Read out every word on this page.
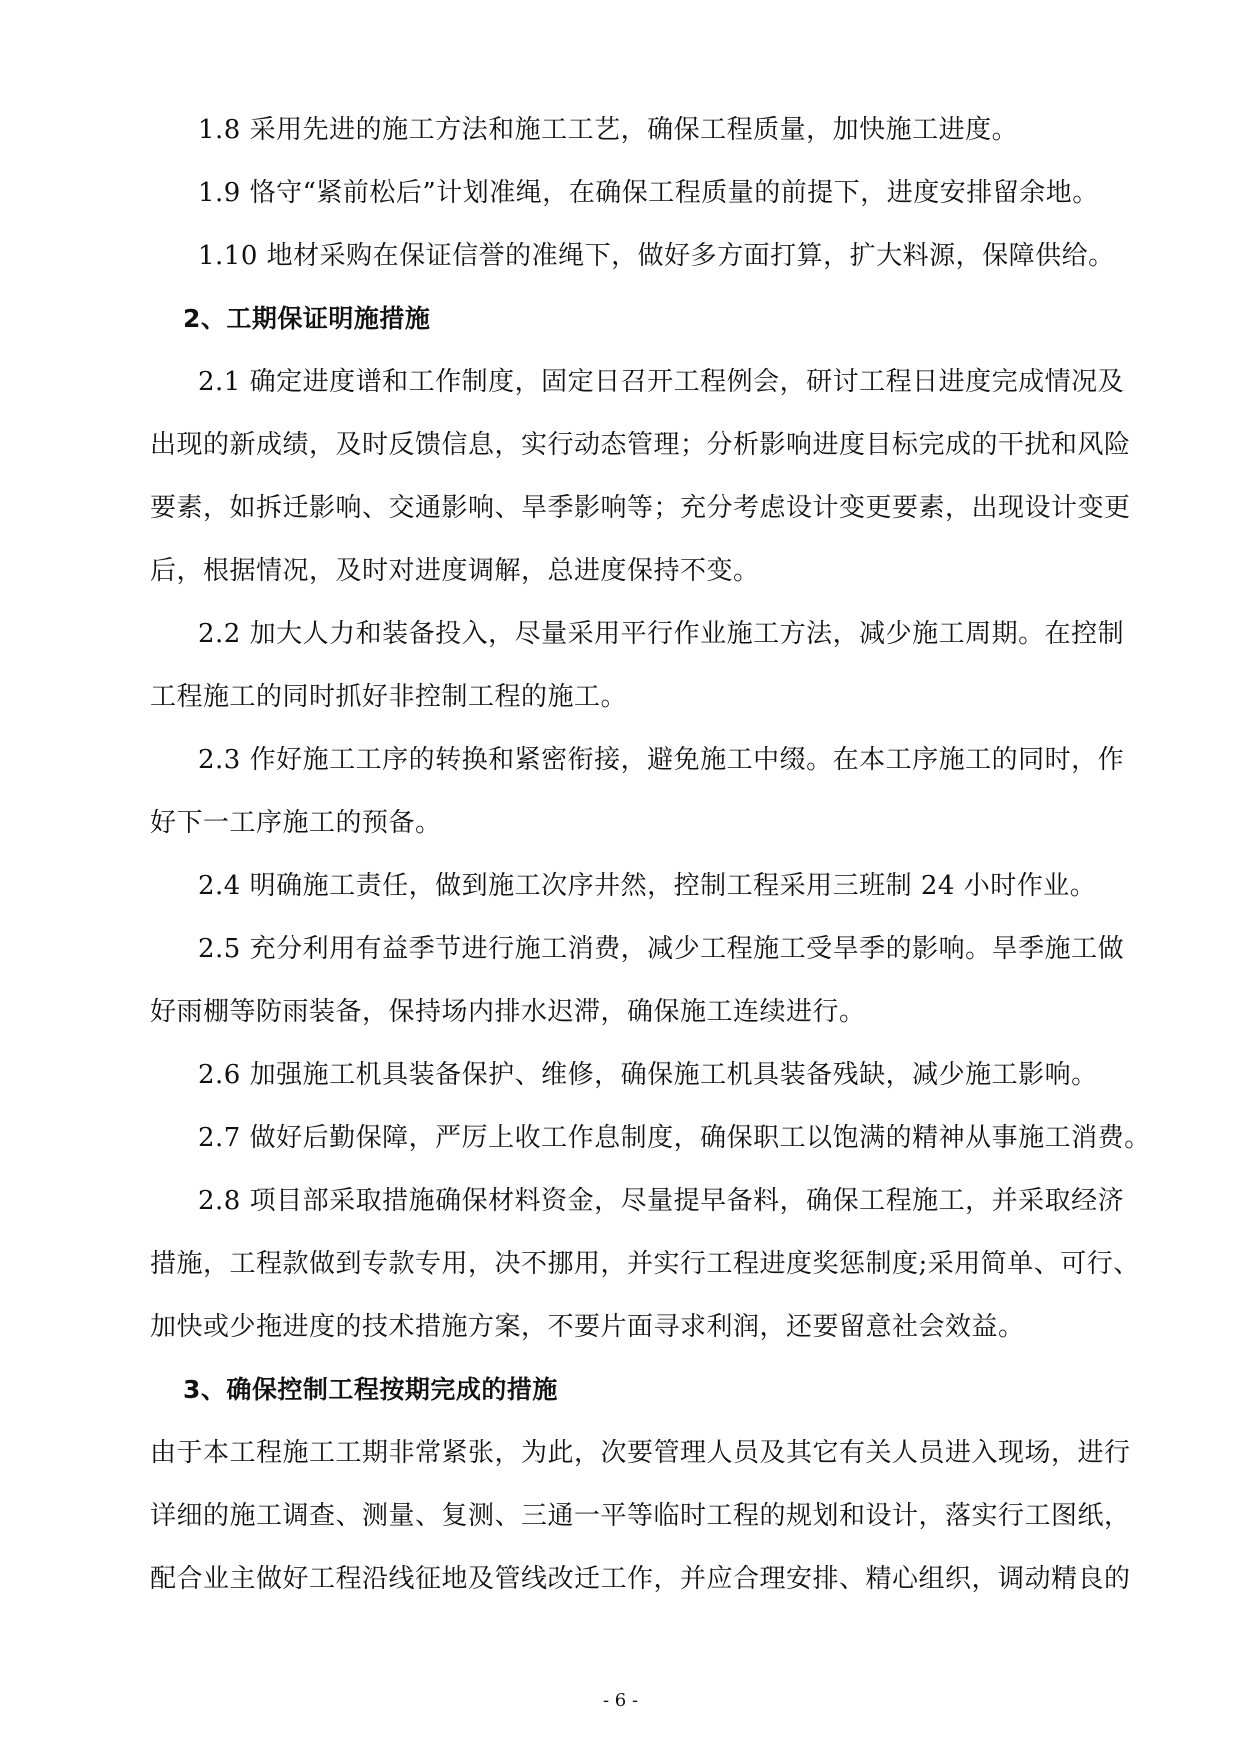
1.8 采用先进的施工方法和施工工艺，确保工程质量，加快施工进度。
1.9 恪守“紧前松后”计划准绳，在确保工程质量的前提下，进度安排留余地。
1.10 地材采购在保证信誉的准绳下，做好多方面打算，扩大料源，保障供给。
2、工期保证明施措施
2.1 确定进度谱和工作制度，固定日召开工程例会，研讨工程日进度完成情况及
出现的新成绩，及时反馈信息，实行动态管理；分析影响进度目标完成的干扰和风险
要素，如拆迁影响、交通影响、旱季影响等；充分考虑设计变更要素，出现设计变更
后，根据情况，及时对进度调解，总进度保持不变。
2.2 加大人力和装备投入，尽量采用平行作业施工方法，减少施工周期。在控制
工程施工的同时抓好非控制工程的施工。
2.3 作好施工工序的转换和紧密衔接，避免施工中缀。在本工序施工的同时，作
好下一工序施工的预备。
2.4 明确施工责任，做到施工次序井然，控制工程采用三班制 24 小时作业。
2.5 充分利用有益季节进行施工消费，减少工程施工受旱季的影响。旱季施工做
好雨棚等防雨装备，保持场内排水迟滞，确保施工连续进行。
2.6 加强施工机具装备保护、维修，确保施工机具装备残缺，减少施工影响。
2.7 做好后勤保障，严厉上收工作息制度，确保职工以饱满的精神从事施工消费。
2.8 项目部采取措施确保材料资金，尽量提早备料，确保工程施工，并采取经济
措施，工程款做到专款专用，决不挪用，并实行工程进度奖惩制度;采用简单、可行、
加快或少拖进度的技术措施方案，不要片面寻求利润，还要留意社会效益。
3、确保控制工程按期完成的措施
由于本工程施工工期非常紧张，为此，次要管理人员及其它有关人员进入现场，进行
详细的施工调查、测量、复测、三通一平等临时工程的规划和设计，落实行工图纸，
配合业主做好工程沿线征地及管线改迁工作，并应合理安排、精心组织，调动精良的
- 6 -
